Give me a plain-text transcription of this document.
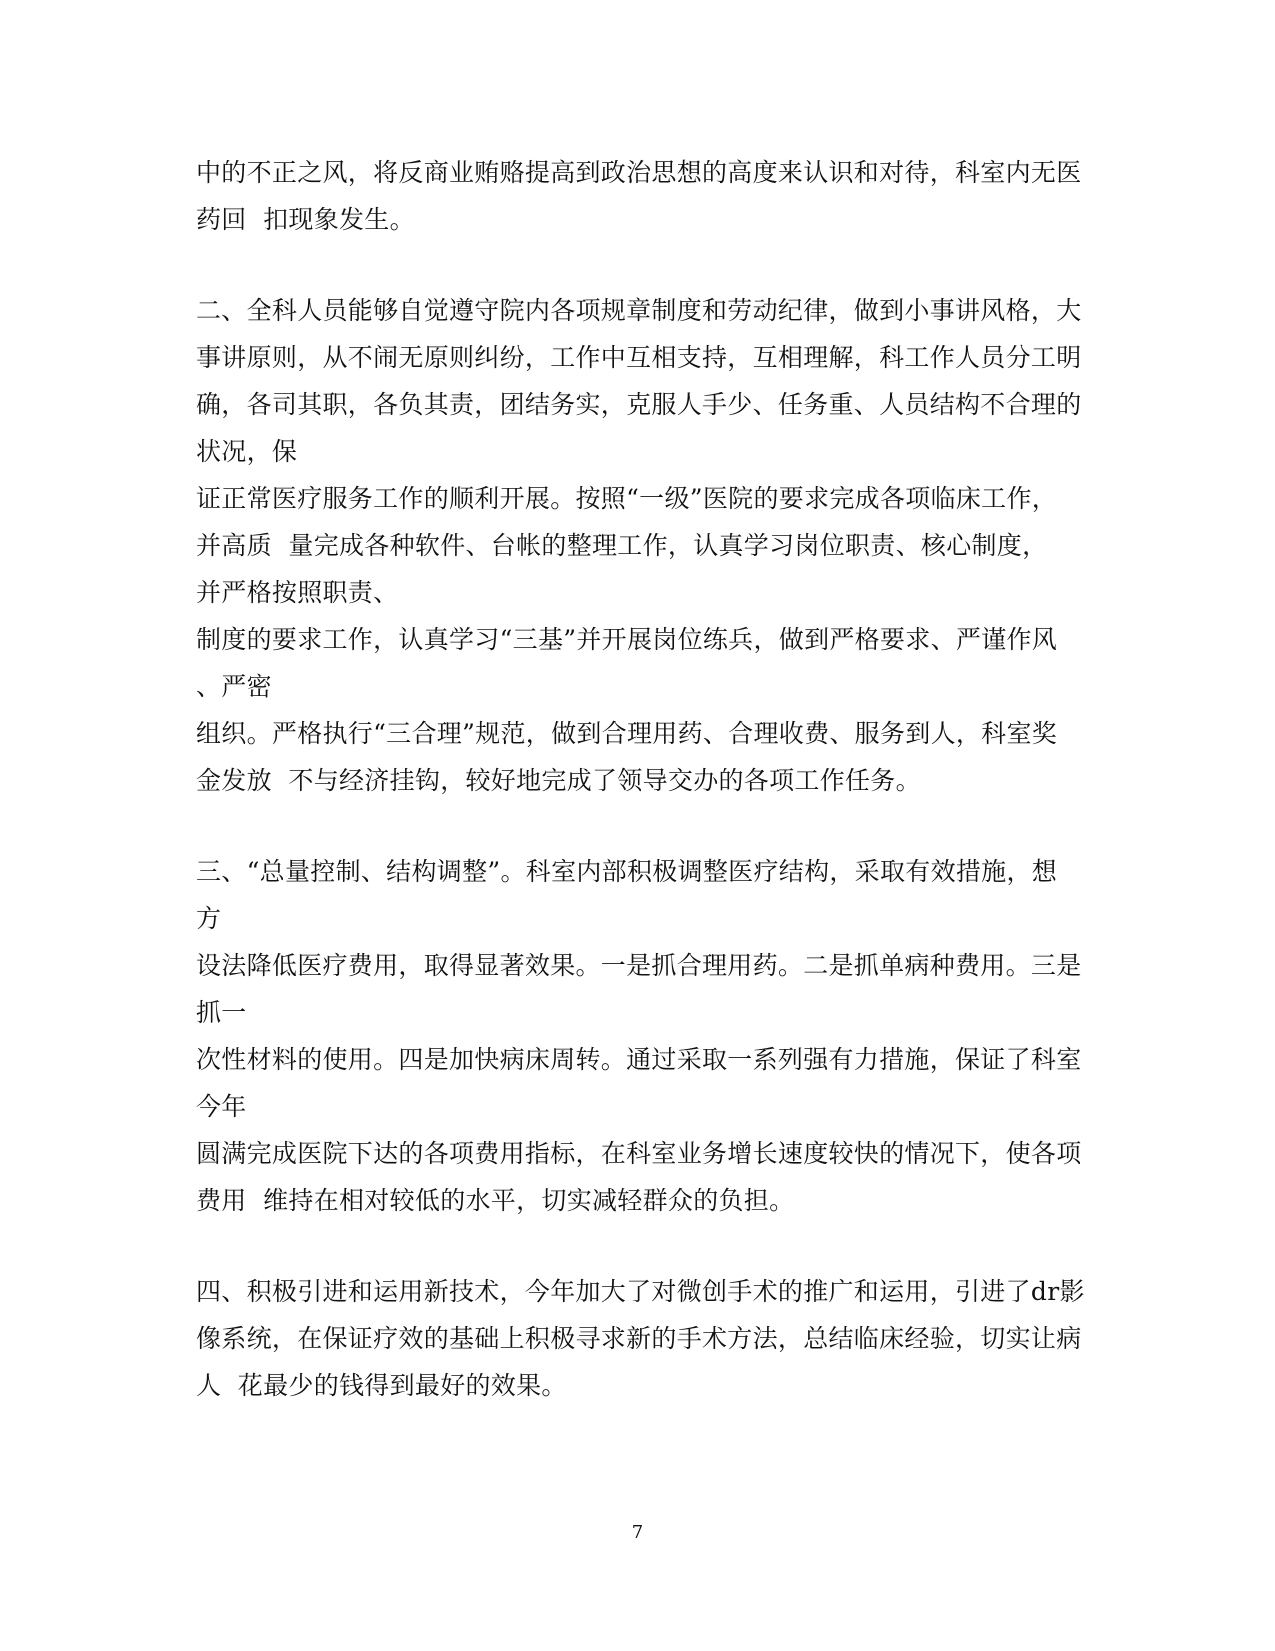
中的不正之风，将反商业贿赂提高到政治思想的高度来认识和对待，科室内无医
药回  扣现象发生。
二、全科人员能够自觉遵守院内各项规章制度和劳动纪律，做到小事讲风格，大
事讲原则，从不闹无原则纠纷，工作中互相支持，互相理解，科工作人员分工明
确，各司其职，各负其责，团结务实，克服人手少、任务重、人员结构不合理的
状况，保
证正常医疗服务工作的顺利开展。按照“一级”医院的要求完成各项临床工作，
并高质  量完成各种软件、台帐的整理工作，认真学习岗位职责、核心制度，
并严格按照职责、
制度的要求工作，认真学习“三基”并开展岗位练兵，做到严格要求、严谨作风
、严密
组织。严格执行“三合理”规范，做到合理用药、合理收费、服务到人，科室奖
金发放  不与经济挂钩，较好地完成了领导交办的各项工作任务。
三、“总量控制、结构调整”。科室内部积极调整医疗结构，采取有效措施，想
方
设法降低医疗费用，取得显著效果。一是抓合理用药。二是抓单病种费用。三是
抓一
次性材料的使用。四是加快病床周转。通过采取一系列强有力措施，保证了科室
今年
圆满完成医院下达的各项费用指标，在科室业务增长速度较快的情况下，使各项
费用  维持在相对较低的水平，切实减轻群众的负担。
四、积极引进和运用新技术，今年加大了对微创手术的推广和运用，引进了dr影
像系统，在保证疗效的基础上积极寻求新的手术方法，总结临床经验，切实让病
人  花最少的钱得到最好的效果。
7
